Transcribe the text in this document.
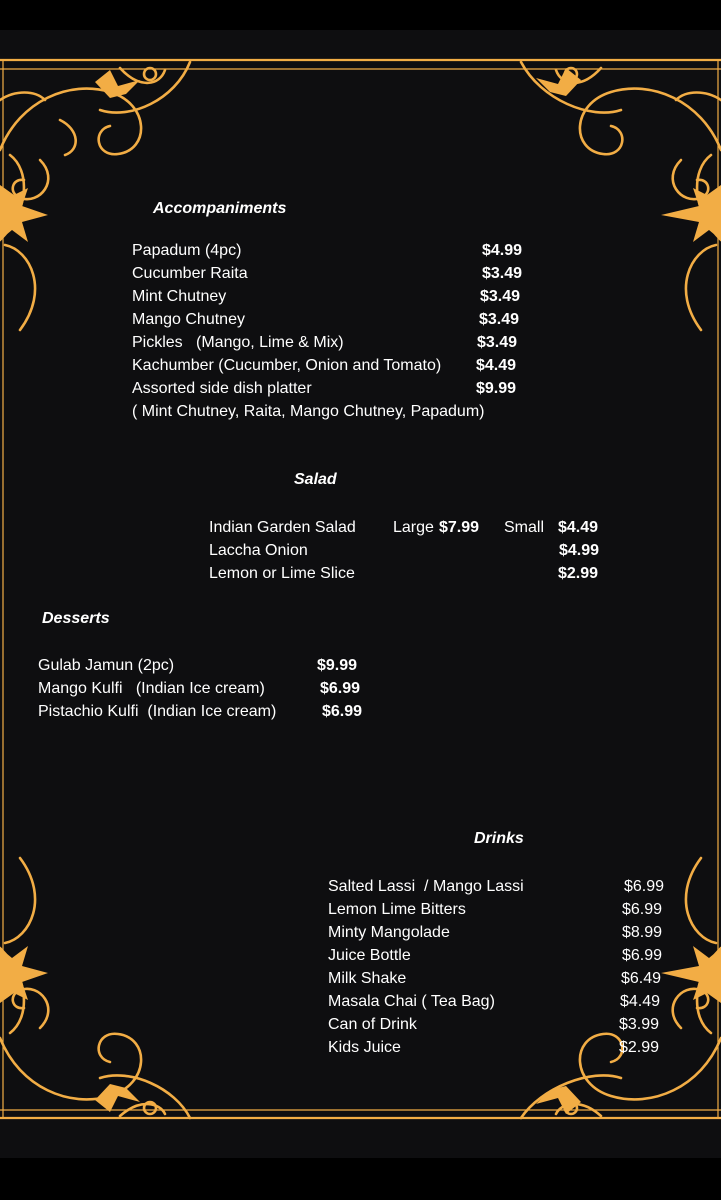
Accompaniments
Papadum (4pc)	$4.99
Cucumber Raita	$3.49
Mint Chutney	$3.49
Mango Chutney	$3.49
Pickles   (Mango, Lime & Mix)	$3.49
Kachumber (Cucumber, Onion and Tomato) $4.49
Assorted side dish platter	$9.99
( Mint Chutney, Raita, Mango Chutney, Papadum)
Salad
Indian Garden Salad Large $7.99 Small $4.49
Laccha Onion	$4.99
Lemon or Lime Slice	$2.99
Desserts
Gulab Jamun (2pc)	$9.99
Mango Kulfi   (Indian Ice cream)	$6.99
Pistachio Kulfi  (Indian Ice cream)	$6.99
Drinks
Salted Lassi  / Mango Lassi	$6.99
Lemon Lime Bitters	$6.99
Minty Mangolade	$8.99
Juice Bottle	$6.99
Milk Shake	$6.49
Masala Chai ( Tea Bag)	$4.49
Can of Drink	$3.99
Kids Juice	$2.99
